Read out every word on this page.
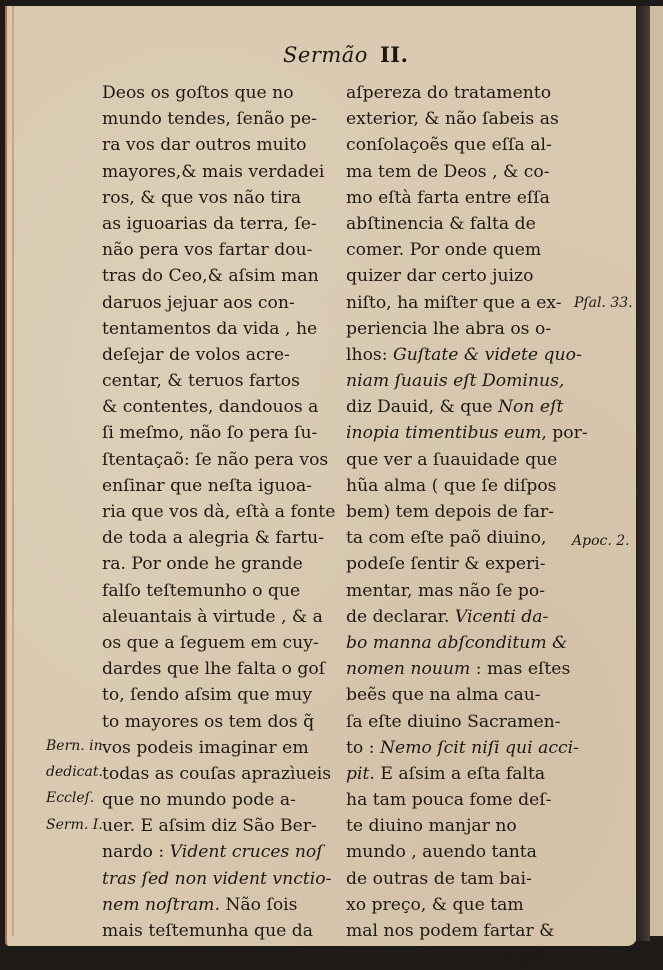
Sermão II.
Deos os goſtos que no
mundo tendes, ſenão pe-
ra vos dar outros muito
mayores,& mais verdadei
ros, & que vos não tira
as iguoarias da terra, ſe-
não pera vos fartar dou-
tras do Ceo,& aſsim man
daruos jejuar aos con-
tentamentos da vida , he
deſejar de volos acre-
centar, & teruos fartos
& contentes, dandouos a
ſi meſmo, não ſo pera ſu-
ſtentaçaõ: ſe não pera vos
enſinar que neſta iguoa-
ria que vos dà, eſtà a fonte
de toda a alegria & fartu-
ra. Por onde he grande
falſo teſtemunho o que
aleuantais à virtude , & a
os que a ſeguem em cuy-
dardes que lhe falta o goſ
to, ſendo aſsim que muy
to mayores os tem dos q̃
vos podeis imaginar em
todas as couſas aprazìueis
que no mundo pode a-
uer. E aſsim diz São Ber-
nardo : Vident cruces noſ
tras ſed non vident vnctio-
nem noſtram. Não ſois
mais teſtemunha que da
aſpereza do tratamento
exterior, & não ſabeis as
conſolaçoẽs que eſſa al-
ma tem de Deos , & co-
mo eſtà farta entre eſſa
abſtinencia & falta de
comer. Por onde quem
quizer dar certo juizo
niſto, ha miſter que a ex-
periencia lhe abra os o-
lhos: Guſtate & videte quo-
niam ſuauis eſt Dominus,
diz Dauid, & que Non eſt
inopia timentibus eum, por-
que ver a ſuauidade que
hũa alma ( que ſe diſpos
bem) tem depois de far-
ta com eſte paõ diuino,
podeſe ſentir & experi-
mentar, mas não ſe po-
de declarar. Vicenti da-
bo manna abſconditum &
nomen nouum : mas eſtes
beẽs que na alma cau-
ſa eſte diuino Sacramen-
to : Nemo ſcit niſi qui acci-
pit. E aſsim a eſta falta
ha tam pouca fome deſ-
te diuino manjar no
mundo , auendo tanta
de outras de tam bai-
xo preço, & que tam
mal nos podem fartar &
conten-
Bern. in
dedicat.
Eccleſ.
Serm. I.
Pſal. 33.
Apoc. 2.
